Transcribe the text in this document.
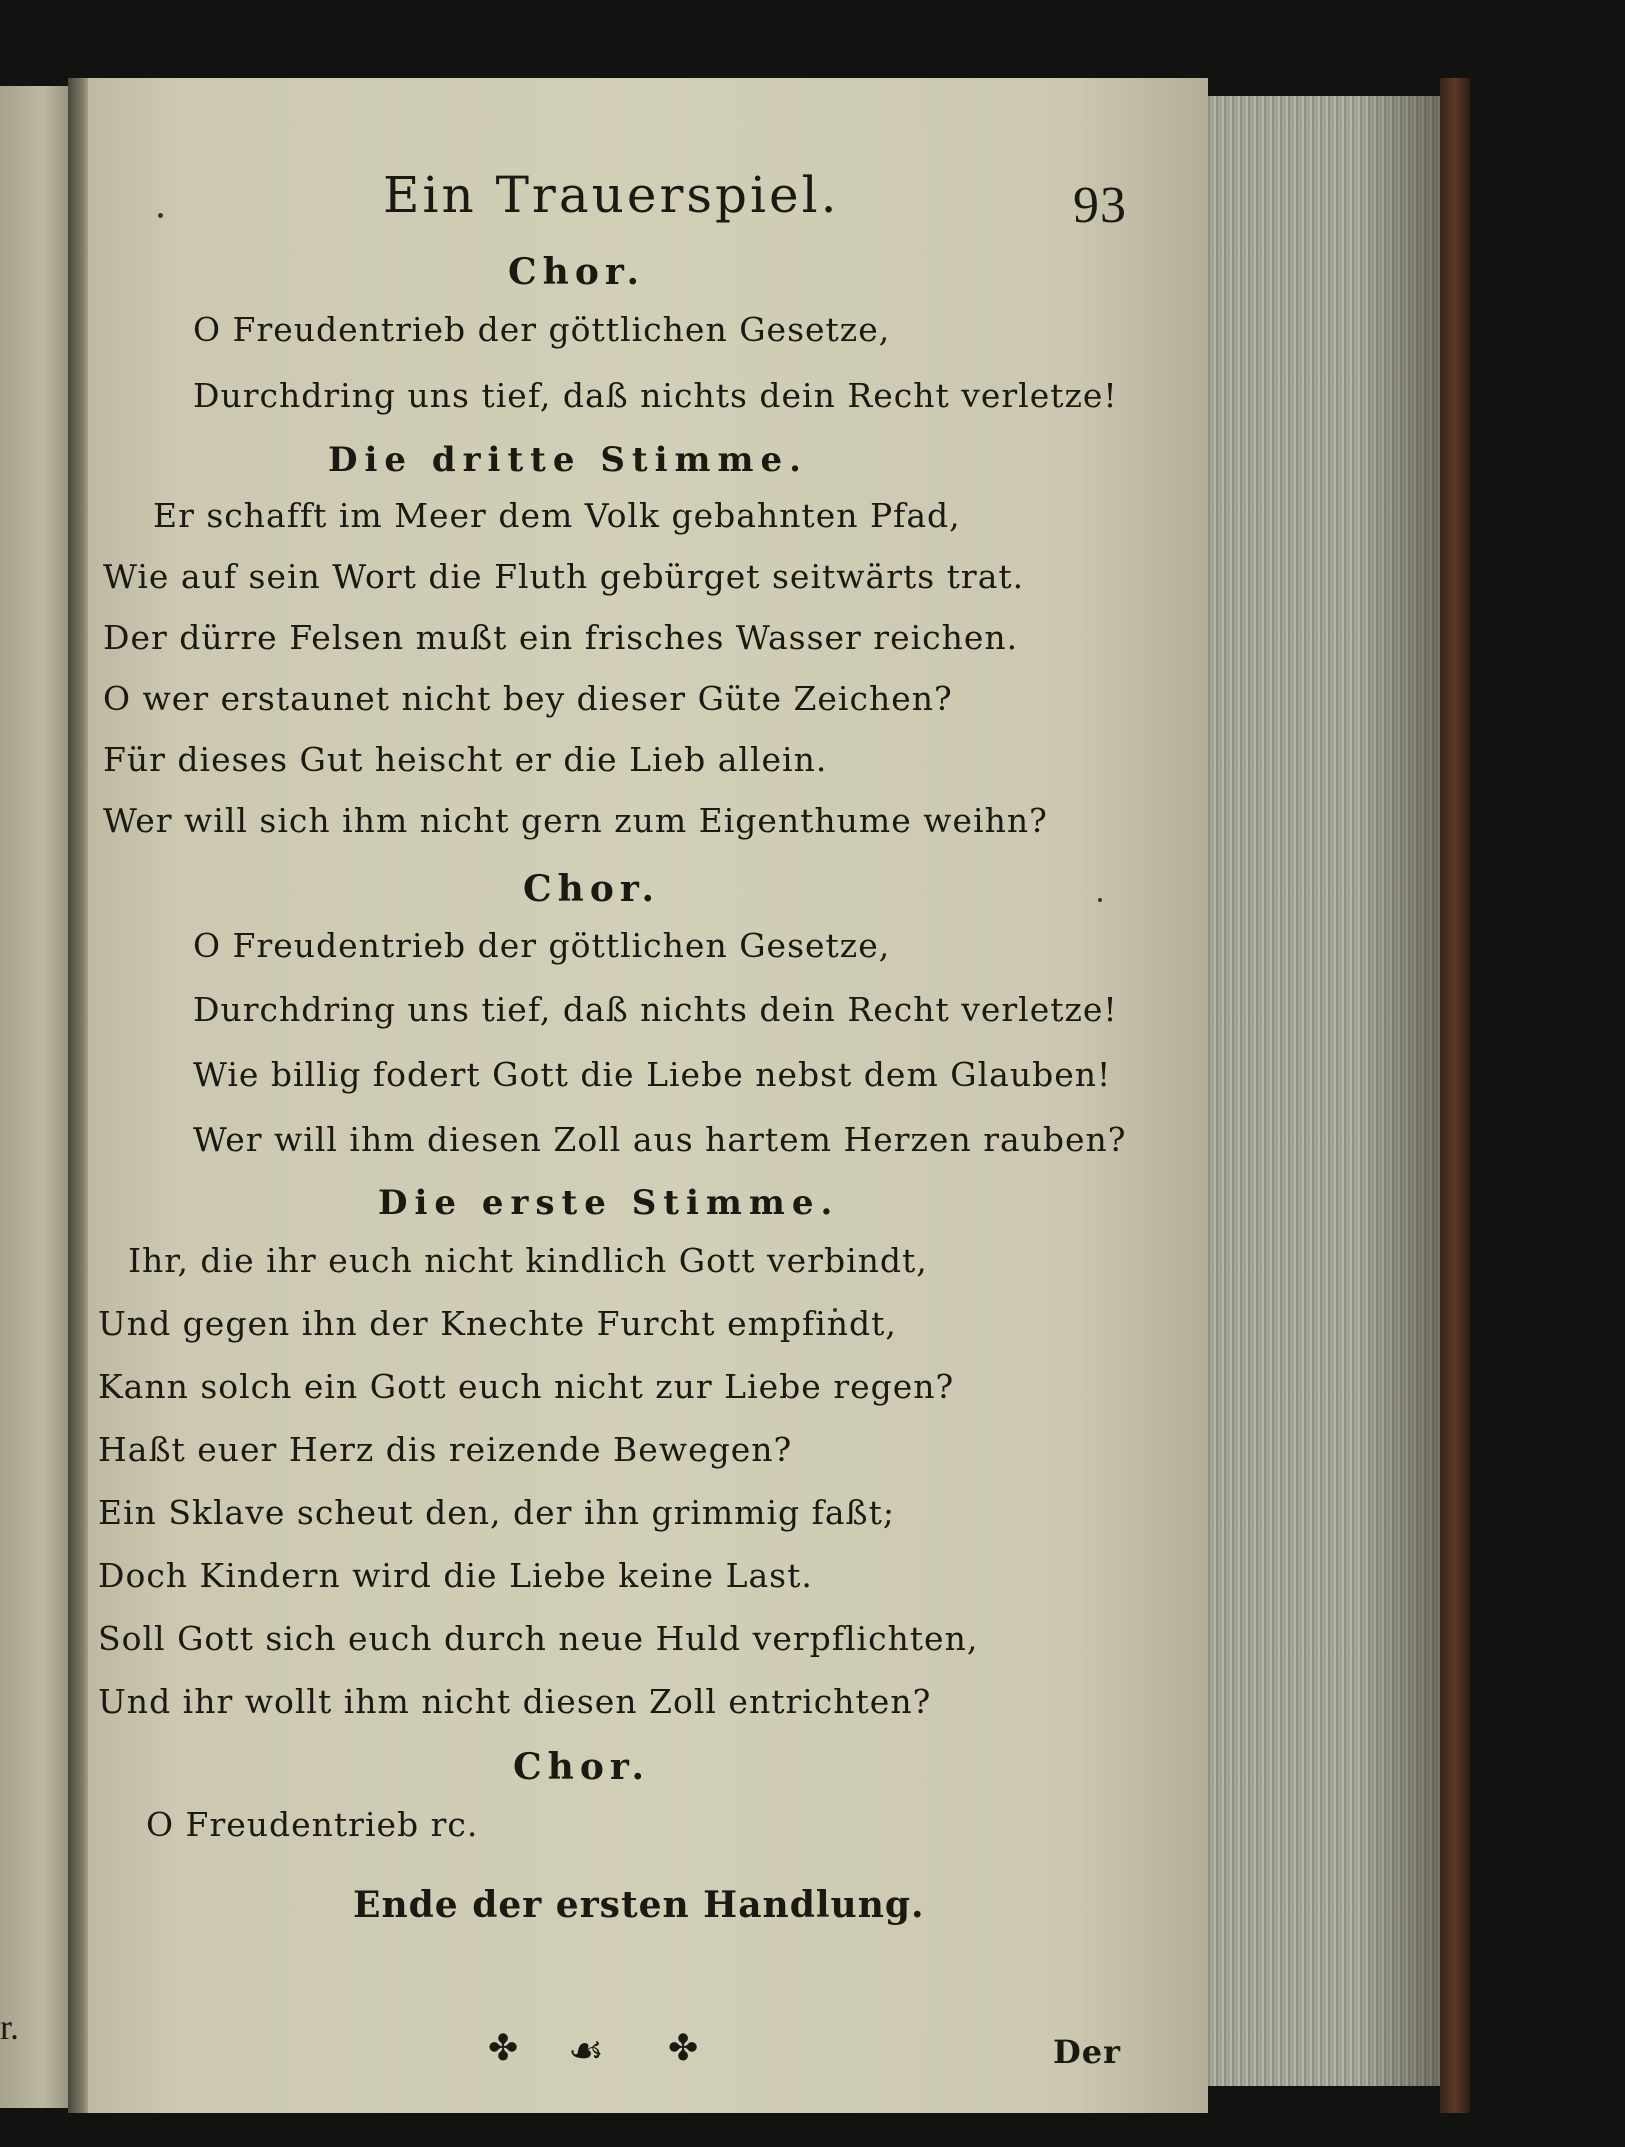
r.
Ein Trauerspiel.	93
Chor.
O Freudentrieb der göttlichen Gesetze,
Durchdring uns tief, daß nichts dein Recht verletze!
Die dritte Stimme.
Er schafft im Meer dem Volk gebahnten Pfad,
Wie auf sein Wort die Fluth gebürget seitwärts trat.
Der dürre Felsen mußt ein frisches Wasser reichen.
O wer erstaunet nicht bey dieser Güte Zeichen?
Für dieses Gut heischt er die Lieb allein.
Wer will sich ihm nicht gern zum Eigenthume weihn?
Chor.
O Freudentrieb der göttlichen Gesetze,
Durchdring uns tief, daß nichts dein Recht verletze!
Wie billig fodert Gott die Liebe nebst dem Glauben!
Wer will ihm diesen Zoll aus hartem Herzen rauben?
Die erste Stimme.
Ihr, die ihr euch nicht kindlich Gott verbindt,
Und gegen ihn der Knechte Furcht empfindt,
Kann solch ein Gott euch nicht zur Liebe regen?
Haßt euer Herz dis reizende Bewegen?
Ein Sklave scheut den, der ihn grimmig faßt;
Doch Kindern wird die Liebe keine Last.
Soll Gott sich euch durch neue Huld verpflichten,
Und ihr wollt ihm nicht diesen Zoll entrichten?
Chor.
O Freudentrieb rc.
Ende der ersten Handlung.
✤ ☙ ✤	Der
